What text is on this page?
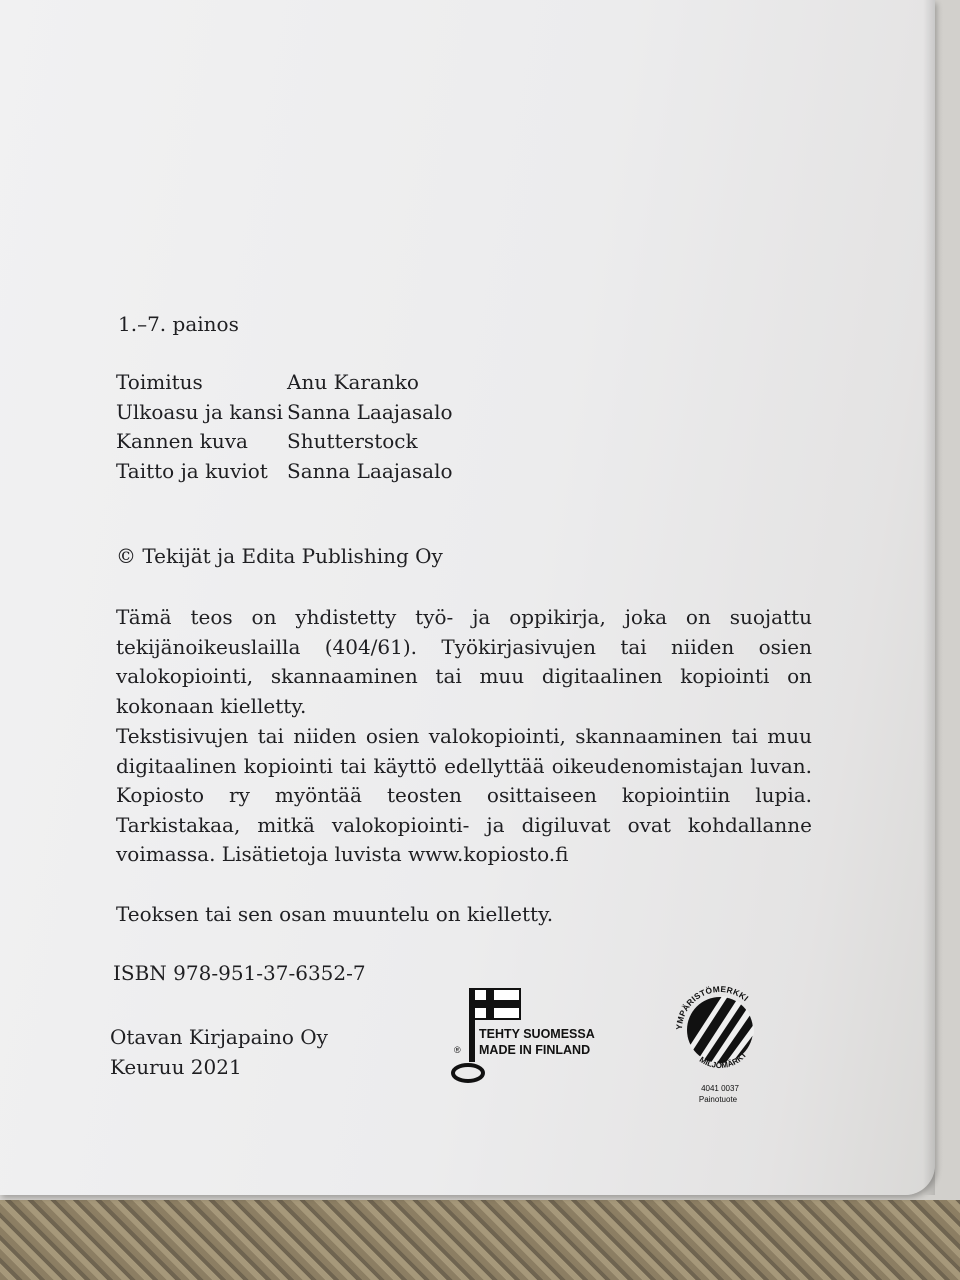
1.–7. painos
Toimitus	Anu Karanko
Ulkoasu ja kansi Sanna Laajasalo
Kannen kuva	Shutterstock
Taitto ja kuviot Sanna Laajasalo
© Tekijät ja Edita Publishing Oy
Tämä teos on yhdistetty työ- ja oppikirja, joka on suojattu tekijänoikeuslailla (404/61). Työkirjasivujen tai niiden osien valokopiointi, skannaaminen tai muu digitaalinen kopiointi on kokonaan kielletty.
Tekstisivujen tai niiden osien valokopiointi, skannaaminen tai muu digitaalinen kopiointi tai käyttö edellyttää oikeudenomistajan luvan. Kopiosto ry myöntää teosten osittaiseen kopiointiin lupia. Tarkistakaa, mitkä valokopiointi- ja digiluvat ovat kohdallanne voimassa. Lisätietoja luvista www.kopiosto.fi
Teoksen tai sen osan muuntelu on kielletty.
ISBN 978-951-37-6352-7
Otavan Kirjapaino Oy
Keuruu 2021
TEHTY SUOMESSA
MADE IN FINLAND
®
YMPÄRISTÖMERKKI
MILJÖMÄRKT
4041 0037
Painotuote
